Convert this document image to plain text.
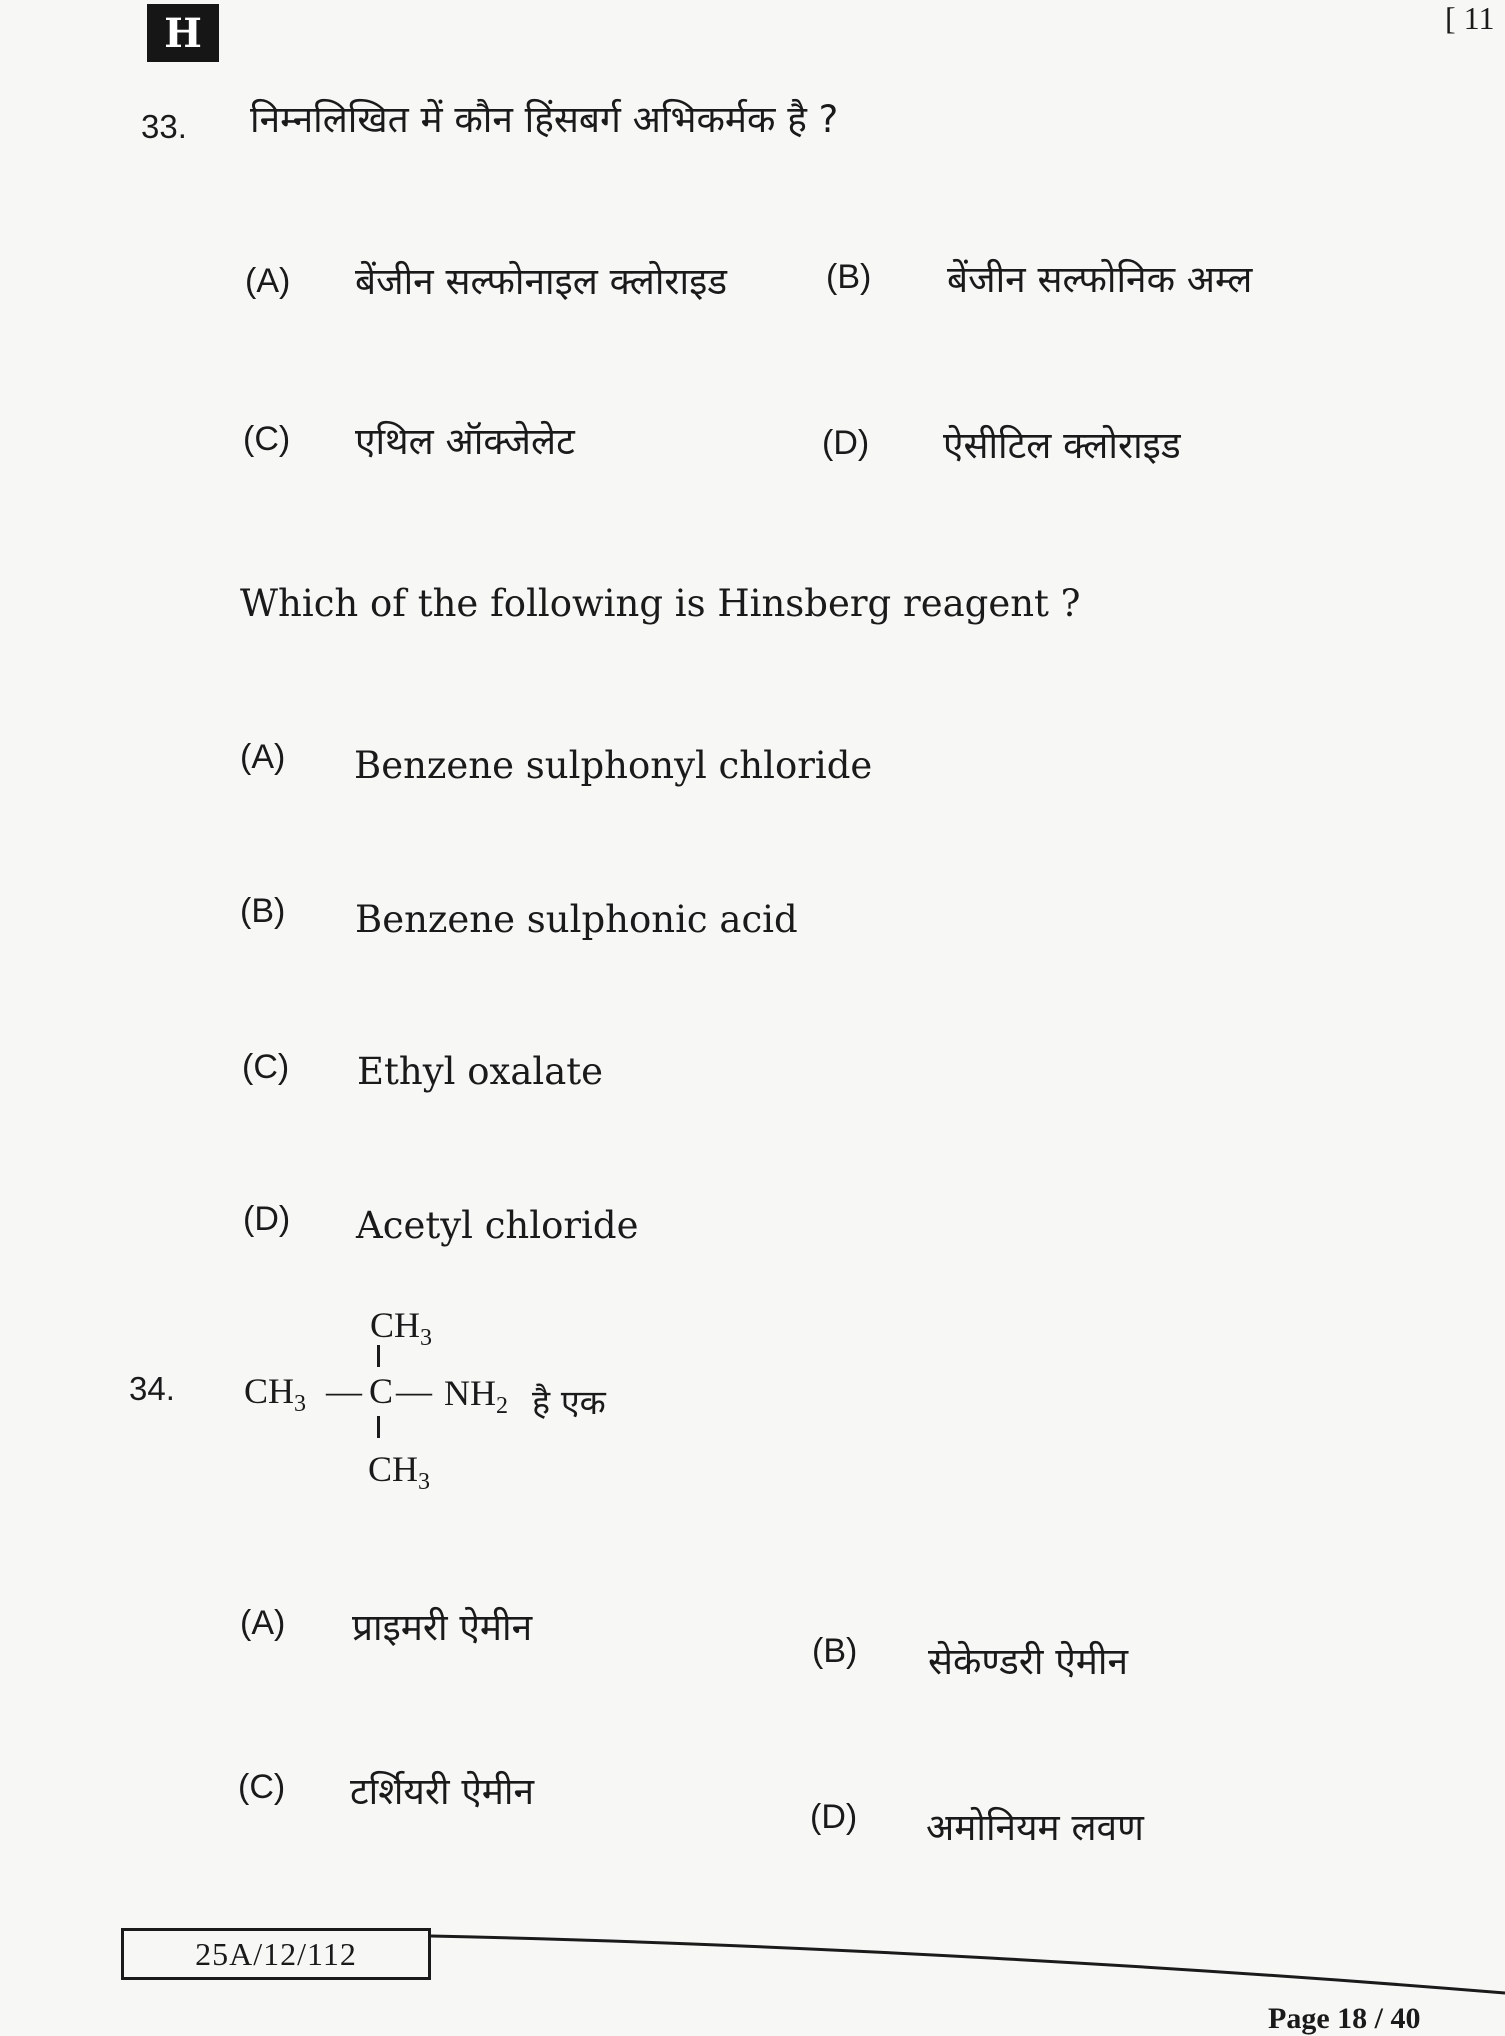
H	[ 11
33. निम्नलिखित में कौन हिंसबर्ग अभिकर्मक है ?
(A) बेंजीन सल्फोनाइल क्लोराइड	(B) बेंजीन सल्फोनिक अम्ल
(C) एथिल ऑक्जेलेट	(D) ऐसीटिल क्लोराइड
Which of the following is Hinsberg reagent ?
(A) Benzene sulphonyl chloride
(B) Benzene sulphonic acid
(C) Ethyl oxalate
(D) Acetyl chloride
34.
$CH_3$
$CH_3$ — C — $NH_2$
$CH_3$
है एक
(A) प्राइमरी ऐमीन
(B) सेकेण्डरी ऐमीन
(C) टर्शियरी ऐमीन
(D) अमोनियम लवण
25A/12/112
Page 18 / 40
